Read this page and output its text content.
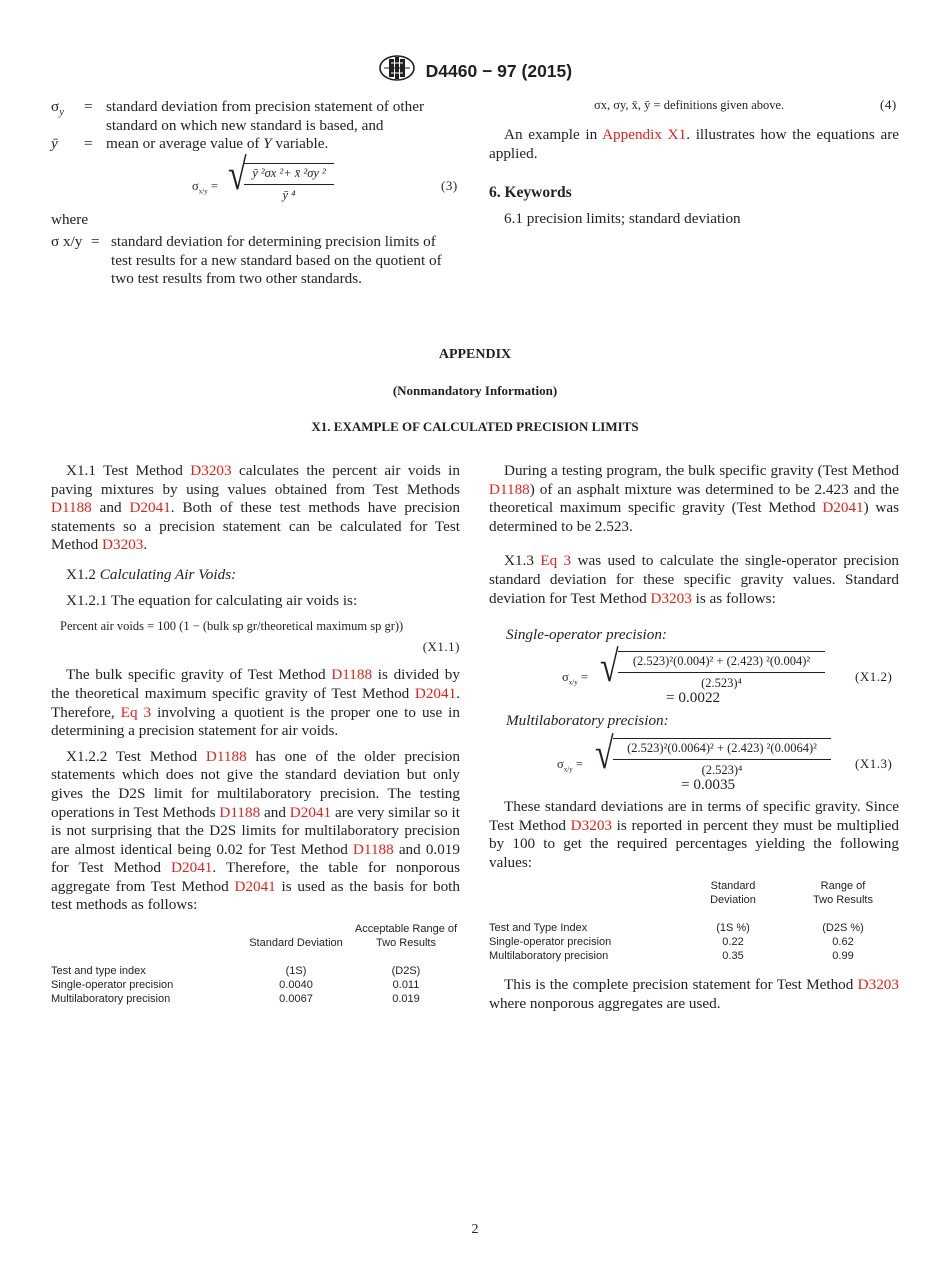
D4460 − 97 (2015)
$\sigma_y$ = standard deviation from precision statement of other standard on which new standard is based, and
ȳ = mean or average value of Y variable.
$\sigma_{x/y}$ = √
$\frac{\text{ȳ ²σx ²+ x̄ ²σy ²}}{\text{ȳ ⁴}}$	(3)
where
σ x/y = standard deviation for determining precision limits of test results for a new standard based on the quotient of two test results from two other standards.
σx, σy, x̄, ȳ = definitions given above.	(4)

An example in Appendix X1. illustrates how the equations are applied.

6. Keywords
6.1 precision limits; standard deviation
APPENDIX
(Nonmandatory Information)
X1. EXAMPLE OF CALCULATED PRECISION LIMITS

X1.1 Test Method D3203 calculates the percent air voids in paving mixtures by using values obtained from Test Methods D1188 and D2041. Both of these test methods have precision statements so a precision statement can be calculated for Test Method D3203.

X1.2 Calculating Air Voids:

X1.2.1 The equation for calculating air voids is:

Percent air voids = 100 (1 − (bulk sp gr/theoretical maximum sp gr))
(X1.1)

The bulk specific gravity of Test Method D1188 is divided by the theoretical maximum specific gravity of Test Method D2041. Therefore, Eq 3 involving a quotient is the proper one to use in determining a precision statement for air voids.

X1.2.2 Test Method D1188 has one of the older precision statements which does not give the standard deviation but only gives the D2S limit for multilaboratory precision. The testing operations in Test Methods D1188 and D2041 are very similar so it is not surprising that the D2S limits for multilaboratory precision are almost identical being 0.02 for Test Method D1188 and 0.019 for Test Method D2041. Therefore, the table for nonporous aggregate from Test Method D2041 is used as the basis for both test methods as follows:

Standard Deviation
Acceptable Range of
Two Results
Test and type index	(1S)	(D2S)
Single-operator precision	0.0040	0.011
Multilaboratory precision	0.0067	0.019

During a testing program, the bulk specific gravity (Test Method D1188) of an asphalt mixture was determined to be 2.423 and the theoretical maximum specific gravity (Test Method D2041) was determined to be 2.523.

X1.3 Eq 3 was used to calculate the single-operator precision standard deviation for these specific gravity values. Standard deviation for Test Method D3203 is as follows:

Single-operator precision:
$\sigma_{x/y}$ = √ $\frac{\text{(2.523)²(0.004)² + (2.423) ²(0.004)²}}{\text{(2.523)⁴}}$
= 0.0022
(X1.2)
Multilaboratory precision:
$\sigma_{x/y}$ = √ $\frac{\text{(2.523)²(0.0064)² + (2.423) ²(0.0064)²}}{\text{(2.523)⁴}}$
= 0.0035
(X1.3)

These standard deviations are in terms of specific gravity. Since Test Method D3203 is reported in percent they must be multiplied by 100 to get the required percentages yielding the following values:

Standard
Deviation
Range of
Two Results
Test and Type Index	(1S %)	(D2S %)
Single-operator precision	0.22	0.62
Multilaboratory precision	0.35	0.99

This is the complete precision statement for Test Method D3203 where nonporous aggregates are used.

2
